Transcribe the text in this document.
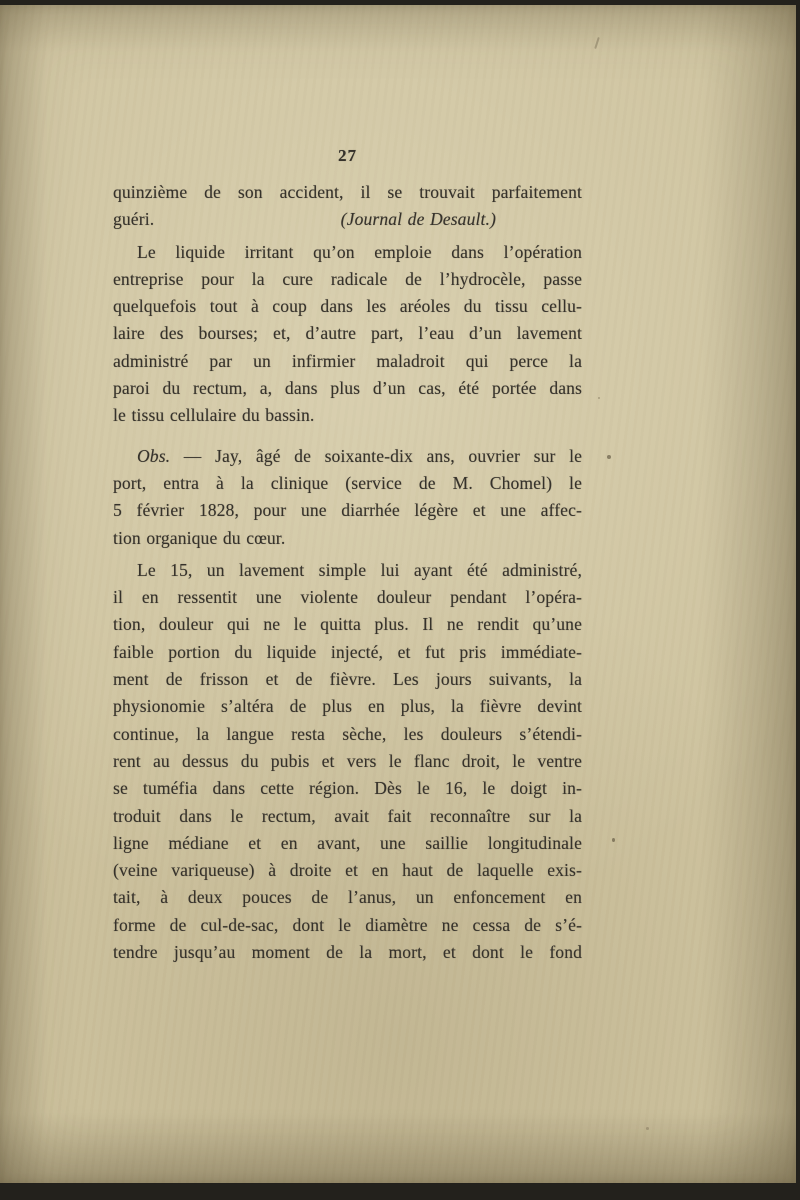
27
quinzième de son accident, il se trouvait parfaitement
guéri.	(Journal de Desault.)
Le liquide irritant qu’on emploie dans l’opération
entreprise pour la cure radicale de l’hydrocèle, passe
quelquefois tout à coup dans les aréoles du tissu cellu-
laire des bourses; et, d’autre part, l’eau d’un lavement
administré par un infirmier maladroit qui perce la
paroi du rectum, a, dans plus d’un cas, été portée dans
le tissu cellulaire du bassin.
Obs. — Jay, âgé de soixante-dix ans, ouvrier sur le
port, entra à la clinique (service de M. Chomel) le
5 février 1828, pour une diarrhée légère et une affec-
tion organique du cœur.
Le 15, un lavement simple lui ayant été administré,
il en ressentit une violente douleur pendant l’opéra-
tion, douleur qui ne le quitta plus. Il ne rendit qu’une
faible portion du liquide injecté, et fut pris immédiate-
ment de frisson et de fièvre. Les jours suivants, la
physionomie s’altéra de plus en plus, la fièvre devint
continue, la langue resta sèche, les douleurs s’étendi-
rent au dessus du pubis et vers le flanc droit, le ventre
se tuméfia dans cette région. Dès le 16, le doigt in-
troduit dans le rectum, avait fait reconnaître sur la
ligne médiane et en avant, une saillie longitudinale
(veine variqueuse) à droite et en haut de laquelle exis-
tait, à deux pouces de l’anus, un enfoncement en
forme de cul-de-sac, dont le diamètre ne cessa de s’é-
tendre jusqu’au moment de la mort, et dont le fond
